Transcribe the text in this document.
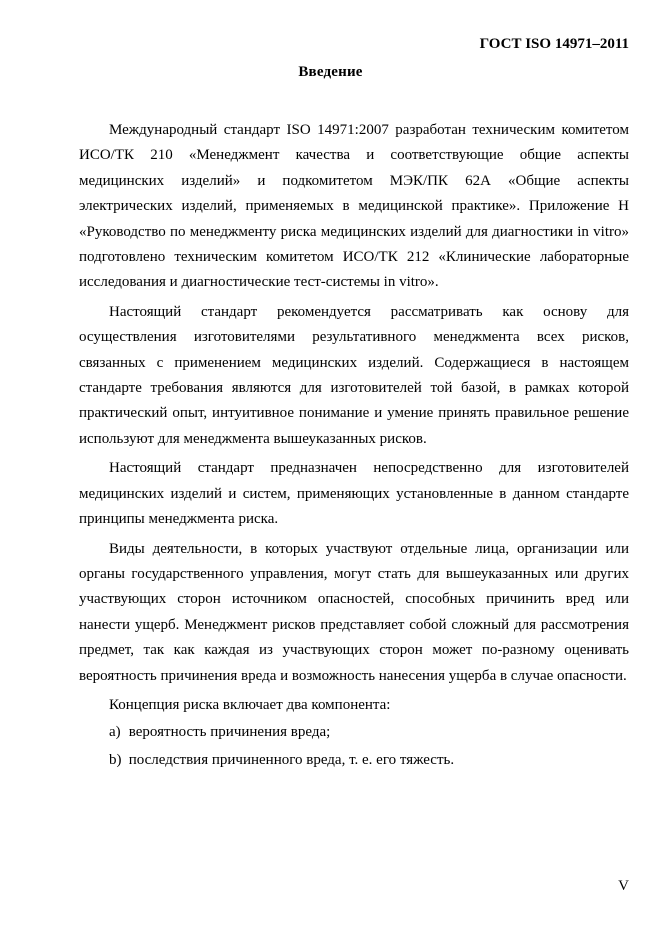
ГОСТ ISO 14971–2011
Введение

Международный стандарт ISO 14971:2007 разработан техническим комитетом ИСО/ТК 210 «Менеджмент качества и соответствующие общие аспекты медицинских изделий» и подкомитетом МЭК/ПК 62А «Общие аспекты электрических изделий, применяемых в медицинской практике». Приложение Н «Руководство по менеджменту риска медицинских изделий для диагностики in vitro» подготовлено техническим комитетом ИСО/ТК 212 «Клинические лабораторные исследования и диагностические тест-системы in vitro».

Настоящий стандарт рекомендуется рассматривать как основу для осуществления изготовителями результативного менеджмента всех рисков, связанных с применением медицинских изделий. Содержащиеся в настоящем стандарте требования являются для изготовителей той базой, в рамках которой практический опыт, интуитивное понимание и умение принять правильное решение используют для менеджмента вышеуказанных рисков.

Настоящий стандарт предназначен непосредственно для изготовителей медицинских изделий и систем, применяющих установленные в данном стандарте принципы менеджмента риска.

Виды деятельности, в которых участвуют отдельные лица, организации или органы государственного управления, могут стать для вышеуказанных или других участвующих сторон источником опасностей, способных причинить вред или нанести ущерб. Менеджмент рисков представляет собой сложный для рассмотрения предмет, так как каждая из участвующих сторон может по-разному оценивать вероятность причинения вреда и возможность нанесения ущерба в случае опасности.

Концепция риска включает два компонента:

a) вероятность причинения вреда;

b) последствия причиненного вреда, т. е. его тяжесть.

V
